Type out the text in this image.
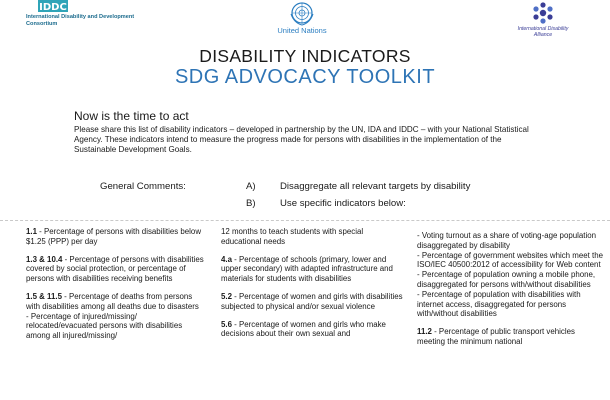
IDDC
International Disability and Development Consortium
United Nations	International Disability Alliance
DISABILITY INDICATORS
SDG ADVOCACY TOOLKIT
Now is the time to act
Please share this list of disability indicators – developed in partnership by the UN, IDA and IDDC – with your National Statistical Agency. These indicators intend to measure the progress made for persons with disabilities in the implementation of the Sustainable Development Goals.
General Comments:	A)	Disaggregate all relevant targets by disability
B)	Use specific indicators below:
1.1 - Percentage of persons with disabilities below $1.25 (PPP) per day
1.3 & 10.4 - Percentage of persons with disabilities covered by social protection, or percentage of persons with disabilities receiving benefits
1.5 & 11.5 - Percentage of deaths from persons with disabilities among all deaths due to disasters
- Percentage of injured/missing/ relocated/evacuated persons with disabilities among all injured/missing/
12 months to teach students with special educational needs
4.a - Percentage of schools (primary, lower and upper secondary) with adapted infrastructure and materials for students with disabilities
5.2 - Percentage of women and girls with disabilities subjected to physical and/or sexual violence
5.6 - Percentage of women and girls who make decisions about their own sexual and
- Voting turnout as a share of voting-age population disaggregated by disability
- Percentage of government websites which meet the ISO/IEC 40500:2012 of accessibility for Web content
- Percentage of population owning a mobile phone, disaggregated for persons with/without disabilities
- Percentage of population with disabilities with internet access, disaggregated for persons with/without disabilities
11.2 - Percentage of public transport vehicles meeting the minimum national
